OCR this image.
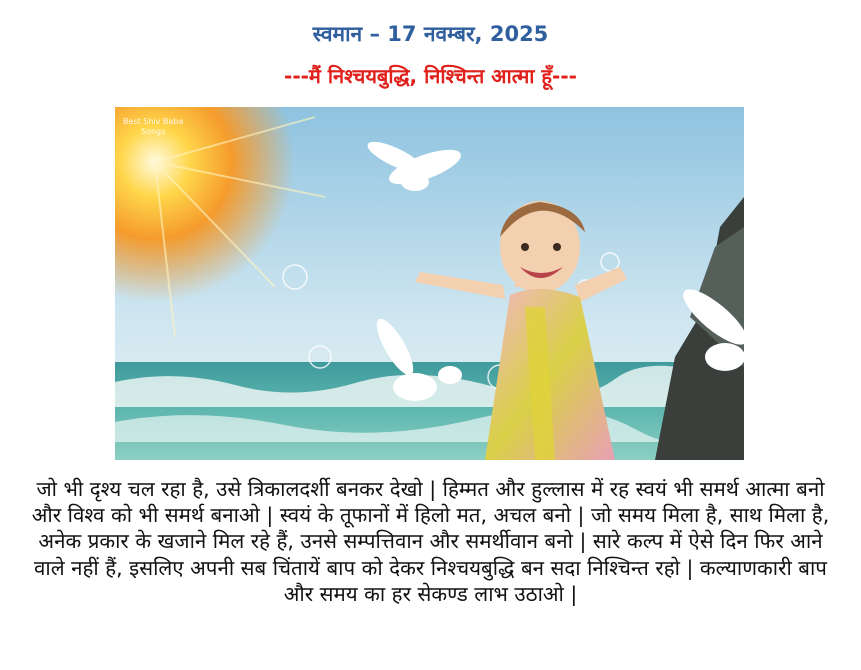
स्वमान – 17 नवम्बर, 2025
---मैं निश्चयबुद्धि, निश्चिन्त आत्मा हूँ---
Best Shiv Baba
Songs
जो भी दृश्य चल रहा है, उसे त्रिकालदर्शी बनकर देखो | हिम्मत और हुल्लास में रह स्वयं भी समर्थ आत्मा बनो और विश्व को भी समर्थ बनाओ | स्वयं के तूफानों में हिलो मत, अचल बनो | जो समय मिला है, साथ मिला है, अनेक प्रकार के खजाने मिल रहे हैं, उनसे सम्पत्तिवान और समर्थीवान बनो | सारे कल्प में ऐसे दिन फिर आने वाले नहीं हैं, इसलिए अपनी सब चिंतायें बाप को देकर निश्चयबुद्धि बन सदा निश्चिन्त रहो | कल्याणकारी बाप और समय का हर सेकण्ड लाभ उठाओ |
